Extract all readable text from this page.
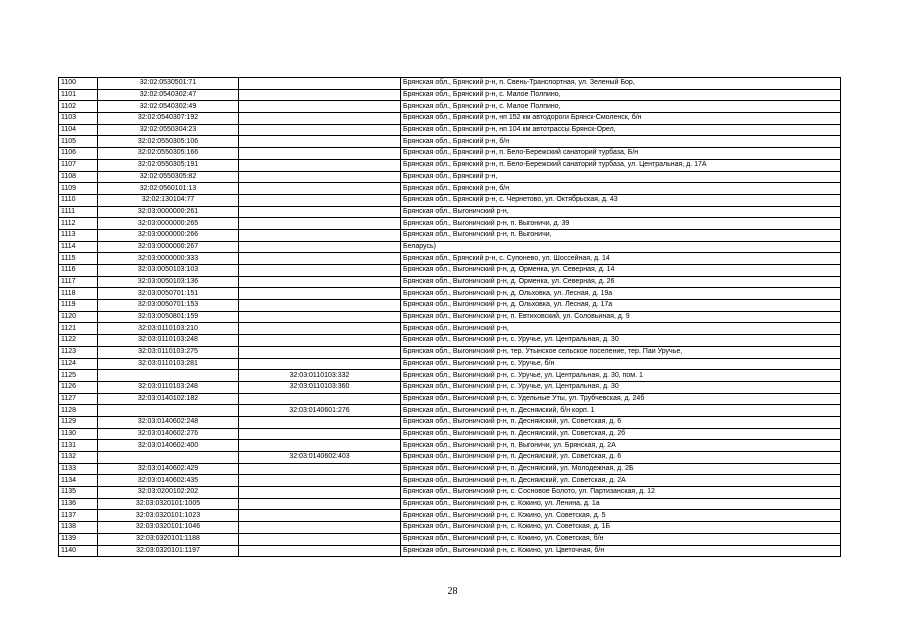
1100	32:02:0530501:71		Брянская обл., Брянский р-н, п. Свень-Транспортная, ул. Зеленый Бор,
1101	32:02:0540302:47		Брянская обл., Брянский р-н, с. Малое Полпино,
1102	32:02:0540302:49		Брянская обл., Брянский р-н, с. Малое Полпино,
1103	32:02:0540307:192		Брянская обл., Брянский р-н, нп 152 км автодороги Брянск-Смоленск, б/н
1104	32:02:0550304:23		Брянская обл., Брянский р-н, нп 104 км автотрассы Брянск-Орел,
1105	32:02:0550305:106		Брянская обл., Брянский р-н, б/н
1106	32:02:0550305:166		Брянская обл., Брянский р-н, п. Бело-Бережский санаторий турбаза, Б/н
1107	32:02:0550305:191		Брянская обл., Брянский р-н, п. Бело-Бережский санаторий турбаза, ул. Центральная, д. 17А
1108	32:02:0550305:82		Брянская обл., Брянский р-н,
1109	32:02:0560101:13		Брянская обл., Брянский р-н, б/н
1110	32:02:130104:77		Брянская обл., Брянский р-н, с. Чернетово, ул. Октябрьская, д. 43
1111	32:03:0000000:261		Брянская обл., Выгоничский р-н,
1112	32:03:0000000:265		Брянская обл., Выгоничский р-н, п. Выгоничи, д. 39
1113	32:03:0000000:266		Брянская обл., Выгоничский р-н, п. Выгоничи,
1114	32:03:0000000:267		Беларусь)
1115	32:03:0000000:333		Брянская обл., Брянский р-н, с. Супонево, ул. Шоссейная, д. 14
1116	32:03:0050103:103		Брянская обл., Выгоничский р-н, д. Орменка, ул. Северная, д. 14
1117	32:03:0050103:136		Брянская обл., Выгоничский р-н, д. Орменка, ул. Северная, д. 26
1118	32:03:0050701:151		Брянская обл., Выгоничский р-н, д. Ольховка, ул. Лесная, д. 19а
1119	32:03:0050701:153		Брянская обл., Выгоничский р-н, д. Ольховка, ул. Лесная, д. 17а
1120	32:03:0050801:159		Брянская обл., Выгоничский р-н, п. Евтиховский, ул. Соловьиная, д. 9
1121	32:03:0110103:210		Брянская обл., Выгоничский р-н,
1122	32:03:0110103:248		Брянская обл., Выгоничский р-н, с. Уручье, ул. Центральная, д. 30
1123	32:03:0110103:275		Брянская обл., Выгоничский р-н, тер. Утынское сельское поселение, тер. Паи Уручье,
1124	32:03:0110103:281		Брянская обл., Выгоничский р-н, с. Уручье, б/н
1125		32:03:0110103:332	Брянская обл., Выгоничский р-н, с. Уручье, ул. Центральная, д. 30, пом. 1
1126	32:03:0110103:248	32:03:0110103:360	Брянская обл., Выгоничский р-н, с. Уручье, ул. Центральная, д. 30
1127	32:03:0140102:182		Брянская обл., Выгоничский р-н, с. Удельные Уты, ул. Трубчевская, д. 24б
1128		32:03:0140601:276	Брянская обл., Выгоничский р-н, п. Десняиский, б/н корп. 1
1129	32:03:0140602:248		Брянская обл., Выгоничский р-н, п. Десняиский, ул. Советская, д. 6
1130	32:03:0140602:276		Брянская обл., Выгоничский р-н, п. Десняиский, ул. Советская, д. 2б
1131	32:03:0140602:400		Брянская обл., Выгоничский р-н, п. Выгоничи, ул. Брянская, д. 2А
1132		32:03:0140602:403	Брянская обл., Выгоничский р-н, п. Десняиский, ул. Советская, д. 6
1133	32:03:0140602:429		Брянская обл., Выгоничский р-н, п. Десняиский, ул. Молодежная, д. 2Б
1134	32:03:0140602:435		Брянская обл., Выгоничский р-н, п. Десняиский, ул. Советская, д. 2А
1135	32:03:0200102:202		Брянская обл., Выгоничский р-н, с. Сосновое Болото, ул. Партизанская, д. 12
1136	32:03:0320101:1005		Брянская обл., Выгоничский р-н, с. Кокино, ул. Ленина, д. 1а
1137	32:03:0320101:1023		Брянская обл., Выгоничский р-н, с. Кокино, ул. Советская, д. 5
1138	32:03:0320101:1046		Брянская обл., Выгоничский р-н, с. Кокино, ул. Советская, д. 1Б
1139	32:03:0320101:1188		Брянская обл., Выгоничский р-н, с. Кокино, ул. Советская, б/н
1140	32:03:0320101:1197		Брянская обл., Выгоничский р-н, с. Кокино, ул. Цветочная, б/н
28
